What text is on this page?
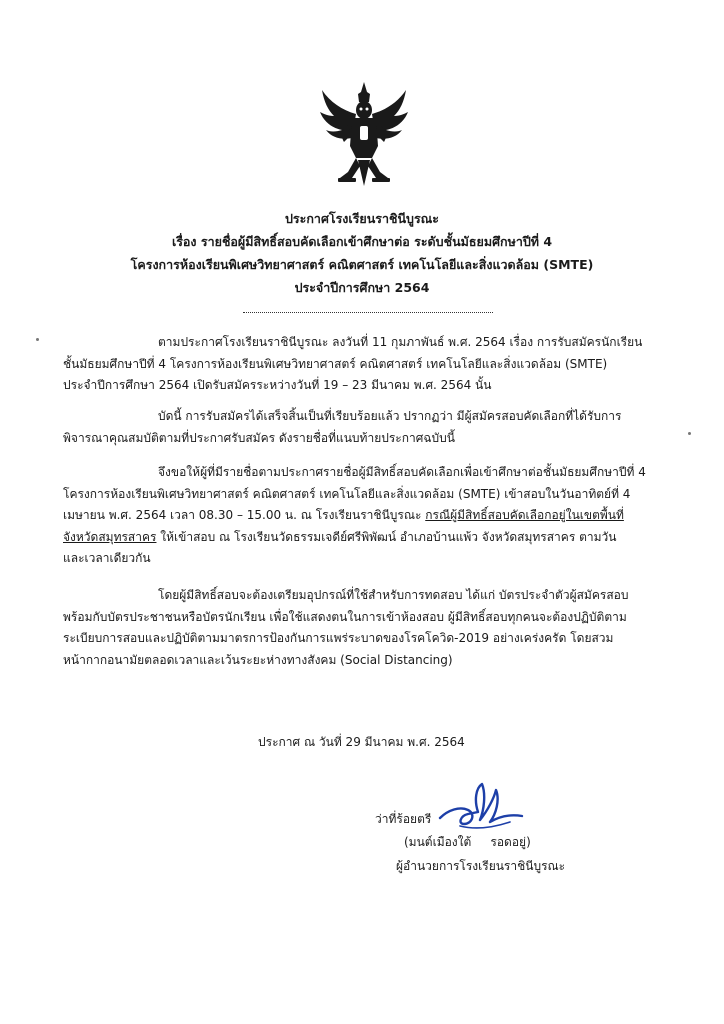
ประกาศโรงเรียนราชินีบูรณะ
เรื่อง รายชื่อผู้มีสิทธิ์สอบคัดเลือกเข้าศึกษาต่อ ระดับชั้นมัธยมศึกษาปีที่ 4
โครงการห้องเรียนพิเศษวิทยาศาสตร์ คณิตศาสตร์ เทคโนโลยีและสิ่งแวดล้อม (SMTE)
ประจำปีการศึกษา 2564
ตามประกาศโรงเรียนราชินีบูรณะ ลงวันที่ 11 กุมภาพันธ์ พ.ศ. 2564 เรื่อง การรับสมัครนักเรียน
ชั้นมัธยมศึกษาปีที่ 4 โครงการห้องเรียนพิเศษวิทยาศาสตร์ คณิตศาสตร์ เทคโนโลยีและสิ่งแวดล้อม (SMTE)
ประจำปีการศึกษา 2564 เปิดรับสมัครระหว่างวันที่ 19 – 23 มีนาคม พ.ศ. 2564 นั้น
บัดนี้ การรับสมัครได้เสร็จสิ้นเป็นที่เรียบร้อยแล้ว ปรากฏว่า มีผู้สมัครสอบคัดเลือกที่ได้รับการ
พิจารณาคุณสมบัติตามที่ประกาศรับสมัคร ดังรายชื่อที่แนบท้ายประกาศฉบับนี้
จึงขอให้ผู้ที่มีรายชื่อตามประกาศรายชื่อผู้มีสิทธิ์สอบคัดเลือกเพื่อเข้าศึกษาต่อชั้นมัธยมศึกษาปีที่ 4
โครงการห้องเรียนพิเศษวิทยาศาสตร์ คณิตศาสตร์ เทคโนโลยีและสิ่งแวดล้อม (SMTE) เข้าสอบในวันอาทิตย์ที่ 4
เมษายน พ.ศ. 2564 เวลา 08.30 – 15.00 น. ณ โรงเรียนราชินีบูรณะ กรณีผู้มีสิทธิ์สอบคัดเลือกอยู่ในเขตพื้นที่
จังหวัดสมุทรสาคร ให้เข้าสอบ ณ โรงเรียนวัดธรรมเจดีย์ศรีพิพัฒน์ อำเภอบ้านแพ้ว จังหวัดสมุทรสาคร ตามวัน
และเวลาเดียวกัน
โดยผู้มีสิทธิ์สอบจะต้องเตรียมอุปกรณ์ที่ใช้สำหรับการทดสอบ ได้แก่ บัตรประจำตัวผู้สมัครสอบ
พร้อมกับบัตรประชาชนหรือบัตรนักเรียน เพื่อใช้แสดงตนในการเข้าห้องสอบ ผู้มีสิทธิ์สอบทุกคนจะต้องปฏิบัติตาม
ระเบียบการสอบและปฏิบัติตามมาตรการป้องกันการแพร่ระบาดของโรคโควิด-2019 อย่างเคร่งครัด โดยสวม
หน้ากากอนามัยตลอดเวลาและเว้นระยะห่างทางสังคม (Social Distancing)
ประกาศ ณ วันที่ 29 มีนาคม พ.ศ. 2564
ว่าที่ร้อยตรี
(มนต์เมืองใต้     รอดอยู่)
ผู้อำนวยการโรงเรียนราชินีบูรณะ
